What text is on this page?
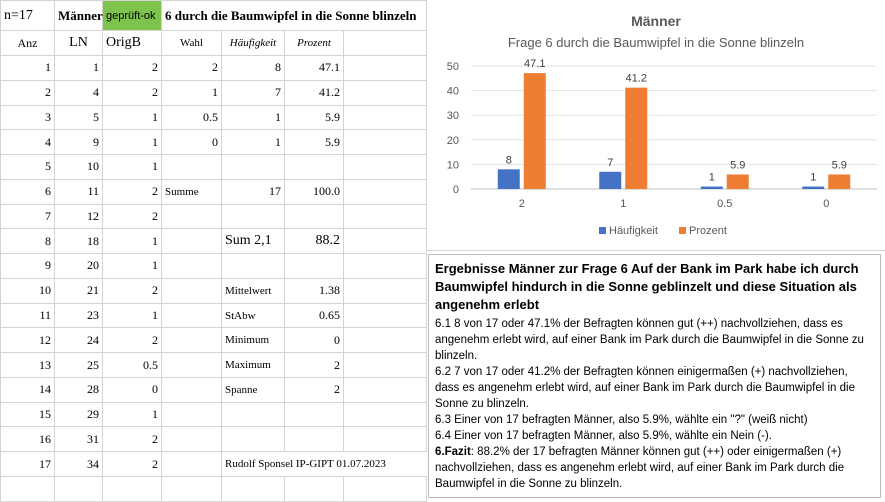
n=17	Männer	geprüft-ok	6 durch die Baumwipfel in die Sonne blinzeln			
Anz	LN	OrigB	Wahl	Häufigkeit	Prozent	
1	1	2	2	8	47.1	
2	4	2	1	7	41.2	
3	5	1	0.5	1	5.9	
4	9	1	0	1	5.9	
5	10	1				
6	11	2	Summe	17	100.0	
7	12	2				
8	18	1		Sum 2,1	88.2	
9	20	1				
10	21	2		Mittelwert	1.38	
11	23	1		StAbw	0.65	
12	24	2		Minimum	0	
13	25	0.5		Maximum	2	
14	28	0		Spanne	2	
15	29	1				
16	31	2				
17	34	2		Rudolf Sponsel IP-GIPT 01.07.2023		

Männer
Frage 6 durch die Baumwipfel in die Sonne blinzeln
0
10
20
30
40
50
8
47.1
7
41.2
1
5.9
1
5.9
2	1	0.5	0
Häufigkeit	Prozent

Ergebnisse Männer zur Frage 6 Auf der Bank im Park habe ich durch Baumwipfel hindurch in die Sonne geblinzelt und diese Situation als angenehm erlebt

6.1 8 von 17 oder 47.1% der Befragten können gut (++) nachvollziehen, dass es angenehm erlebt wird, auf einer Bank im Park durch die Baumwipfel in die Sonne zu blinzeln.

6.2 7 von 17 oder 41.2% der Befragten können einigermaßen (+) nachvollziehen, dass es angenehm erlebt wird, auf einer Bank im Park durch die Baumwipfel in die Sonne zu blinzeln.

6.3 Einer von 17 befragten Männer, also 5.9%, wählte ein "?" (weiß nicht)

6.4 Einer von 17 befragten Männer, also 5.9%, wählte ein Nein (-).

6.Fazit: 88.2% der 17 befragten Männer können gut (++) oder einigermaßen (+) nachvollziehen, dass es angenehm erlebt wird, auf einer Bank im Park durch die Baumwipfel in die Sonne zu blinzeln.
